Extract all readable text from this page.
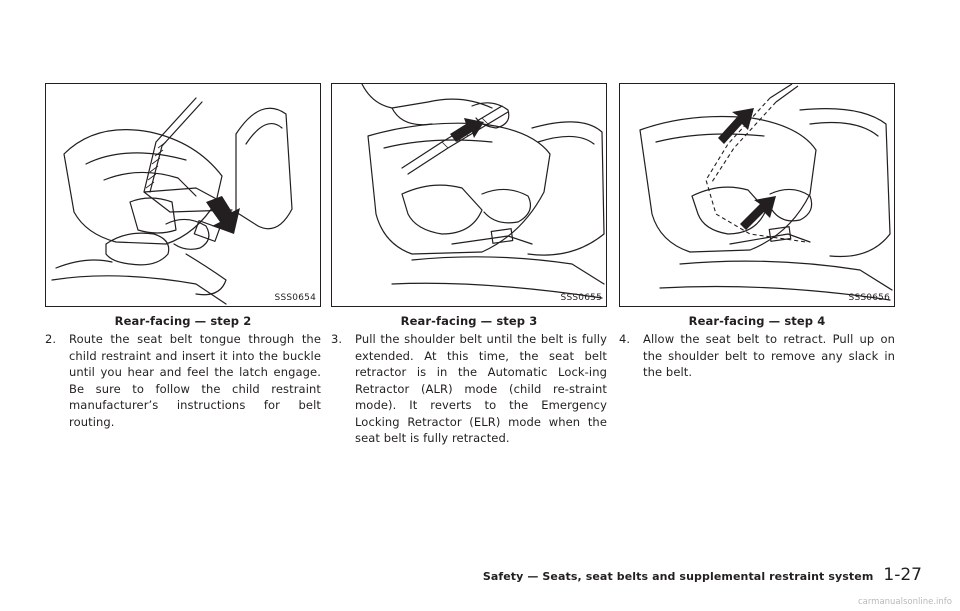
SSS0654
Rear-facing — step 2
2. Route the seat belt tongue through the child restraint and insert it into the buckle until you hear and feel the latch engage. Be sure to follow the child restraint manufacturer’s instructions for belt routing.
SSS0655
Rear-facing — step 3
3. Pull the shoulder belt until the belt is fully extended. At this time, the seat belt retractor is in the Automatic Lock-ing Retractor (ALR) mode (child re-straint mode). It reverts to the Emergency Locking Retractor (ELR) mode when the seat belt is fully retracted.
SSS0656
Rear-facing — step 4
4. Allow the seat belt to retract. Pull up on the shoulder belt to remove any slack in the belt.
Safety — Seats, seat belts and supplemental restraint system 1-27
carmanualsonline.info
